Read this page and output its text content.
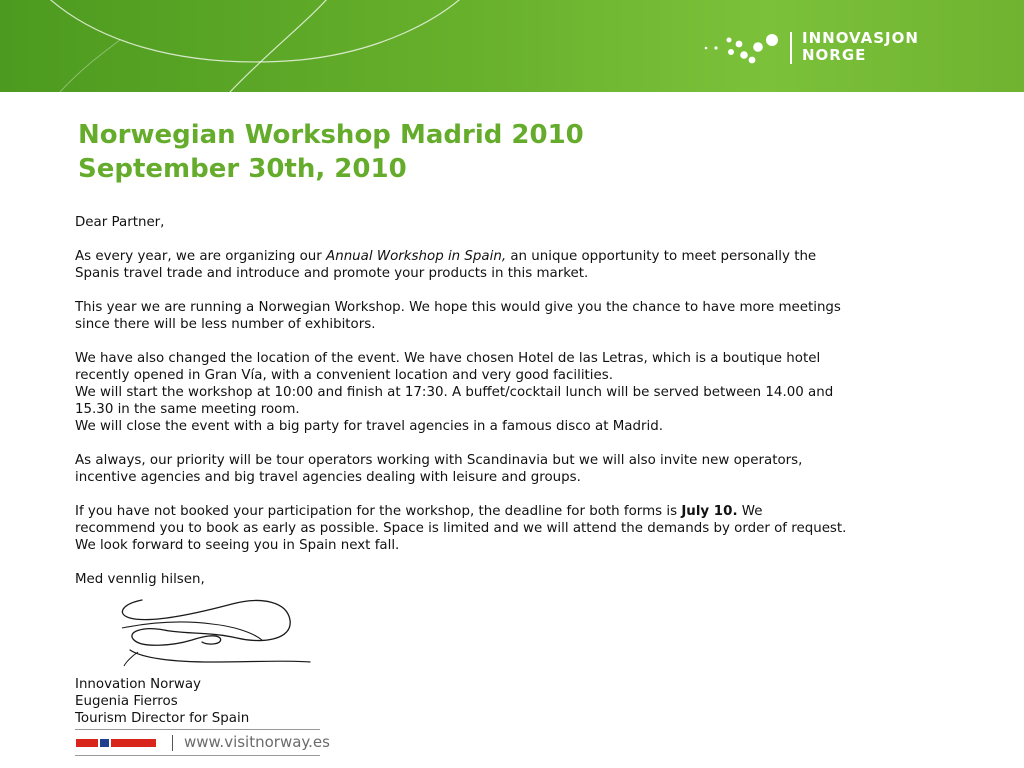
INNOVASJON
NORGE
Norwegian Workshop Madrid 2010
September 30th, 2010

Dear Partner,

As every year, we are organizing our Annual Workshop in Spain, an unique opportunity to meet personally the
Spanis travel trade and introduce and promote your products in this market.

This year we are running a Norwegian Workshop. We hope this would give you the chance to have more meetings
since there will be less number of exhibitors.

We have also changed the location of the event. We have chosen Hotel de las Letras, which is a boutique hotel
recently opened in Gran Vía, with a convenient location and very good facilities.
We will start the workshop at 10:00 and finish at 17:30. A buffet/cocktail lunch will be served between 14.00 and
15.30 in the same meeting room.
We will close the event with a big party for travel agencies in a famous disco at Madrid.

As always, our priority will be tour operators working with Scandinavia but we will also invite new operators,
incentive agencies and big travel agencies dealing with leisure and groups.

If you have not booked your participation for the workshop, the deadline for both forms is July 10. We
recommend you to book as early as possible. Space is limited and we will attend the demands by order of request.
We look forward to seeing you in Spain next fall.

Med vennlig hilsen,

Innovation Norway
Eugenia Fierros
Tourism Director for Spain
www.visitnorway.es
